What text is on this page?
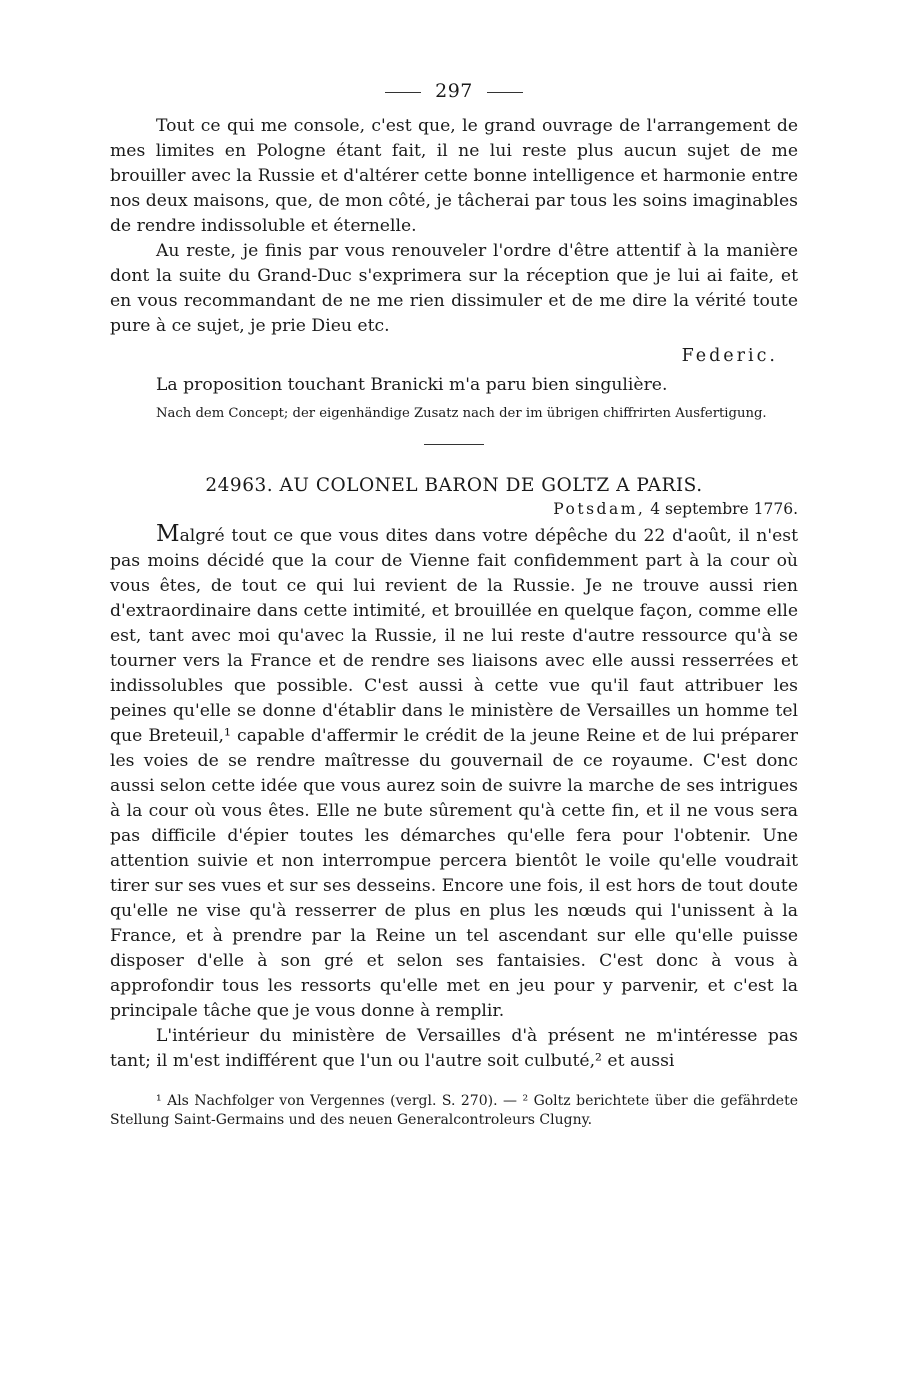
297

Tout ce qui me console, c'est que, le grand ouvrage de l'arrangement de mes limites en Pologne étant fait, il ne lui reste plus aucun sujet de me brouiller avec la Russie et d'altérer cette bonne intelligence et harmonie entre nos deux maisons, que, de mon côté, je tâcherai par tous les soins imaginables de rendre indissoluble et éternelle.

Au reste, je finis par vous renouveler l'ordre d'être attentif à la manière dont la suite du Grand-Duc s'exprimera sur la réception que je lui ai faite, et en vous recommandant de ne me rien dissimuler et de me dire la vérité toute pure à ce sujet, je prie Dieu etc.

Federic.

La proposition touchant Branicki m'a paru bien singulière.

Nach dem Concept; der eigenhändige Zusatz nach der im übrigen chiffrirten Ausfertigung.

24963. AU COLONEL BARON DE GOLTZ A PARIS.
Potsdam, 4 septembre 1776.

Malgré tout ce que vous dites dans votre dépêche du 22 d'août, il n'est pas moins décidé que la cour de Vienne fait confidemment part à la cour où vous êtes, de tout ce qui lui revient de la Russie. Je ne trouve aussi rien d'extraordinaire dans cette intimité, et brouillée en quelque façon, comme elle est, tant avec moi qu'avec la Russie, il ne lui reste d'autre ressource qu'à se tourner vers la France et de rendre ses liaisons avec elle aussi resserrées et indissolubles que possible. C'est aussi à cette vue qu'il faut attribuer les peines qu'elle se donne d'établir dans le ministère de Versailles un homme tel que Breteuil,¹ capable d'affermir le crédit de la jeune Reine et de lui préparer les voies de se rendre maîtresse du gouvernail de ce royaume. C'est donc aussi selon cette idée que vous aurez soin de suivre la marche de ses intrigues à la cour où vous êtes. Elle ne bute sûrement qu'à cette fin, et il ne vous sera pas difficile d'épier toutes les démarches qu'elle fera pour l'obtenir. Une attention suivie et non interrompue percera bientôt le voile qu'elle voudrait tirer sur ses vues et sur ses desseins. Encore une fois, il est hors de tout doute qu'elle ne vise qu'à resserrer de plus en plus les nœuds qui l'unissent à la France, et à prendre par la Reine un tel ascendant sur elle qu'elle puisse disposer d'elle à son gré et selon ses fantaisies. C'est donc à vous à approfondir tous les ressorts qu'elle met en jeu pour y parvenir, et c'est la principale tâche que je vous donne à remplir.

L'intérieur du ministère de Versailles d'à présent ne m'intéresse pas tant; il m'est indifférent que l'un ou l'autre soit culbuté,² et aussi

¹ Als Nachfolger von Vergennes (vergl. S. 270). — ² Goltz berichtete über die gefährdete Stellung Saint-Germains und des neuen Generalcontroleurs Clugny.
